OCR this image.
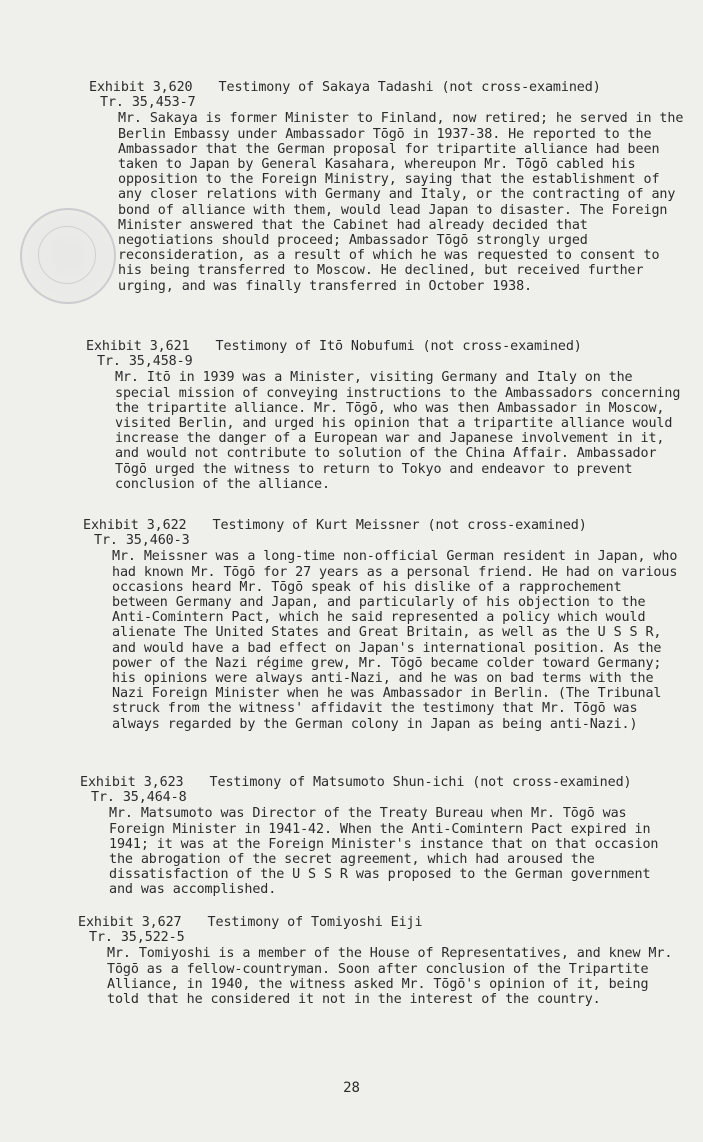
Exhibit 3,620 Testimony of Sakaya Tadashi (not cross-examined)
Tr. 35,453-7
Mr. Sakaya is former Minister to Finland, now retired; he served in the Berlin Embassy under Ambassador Tōgō in 1937-38. He reported to the Ambassador that the German proposal for tripartite alliance had been taken to Japan by General Kasahara, whereupon Mr. Tōgō cabled his opposition to the Foreign Ministry, saying that the establishment of any closer relations with Germany and Italy, or the contracting of any bond of alliance with them, would lead Japan to disaster. The Foreign Minister answered that the Cabinet had already decided that negotiations should proceed; Ambassador Tōgō strongly urged reconsideration, as a result of which he was requested to consent to his being transferred to Moscow. He declined, but received further urging, and was finally transferred in October 1938.
Exhibit 3,621 Testimony of Itō Nobufumi (not cross-examined)
Tr. 35,458-9
Mr. Itō in 1939 was a Minister, visiting Germany and Italy on the special mission of conveying instructions to the Ambassadors concerning the tripartite alliance. Mr. Tōgō, who was then Ambassador in Moscow, visited Berlin, and urged his opinion that a tripartite alliance would increase the danger of a European war and Japanese involvement in it, and would not contribute to solution of the China Affair. Ambassador Tōgō urged the witness to return to Tokyo and endeavor to prevent conclusion of the alliance.
Exhibit 3,622 Testimony of Kurt Meissner (not cross-examined)
Tr. 35,460-3
Mr. Meissner was a long-time non-official German resident in Japan, who had known Mr. Tōgō for 27 years as a personal friend. He had on various occasions heard Mr. Tōgō speak of his dislike of a rapprochement between Germany and Japan, and particularly of his objection to the Anti-Comintern Pact, which he said represented a policy which would alienate The United States and Great Britain, as well as the U S S R, and would have a bad effect on Japan's international position. As the power of the Nazi régime grew, Mr. Tōgō became colder toward Germany; his opinions were always anti-Nazi, and he was on bad terms with the Nazi Foreign Minister when he was Ambassador in Berlin. (The Tribunal struck from the witness' affidavit the testimony that Mr. Tōgō was always regarded by the German colony in Japan as being anti-Nazi.)
Exhibit 3,623 Testimony of Matsumoto Shun-ichi (not cross-examined)
Tr. 35,464-8
Mr. Matsumoto was Director of the Treaty Bureau when Mr. Tōgō was Foreign Minister in 1941-42. When the Anti-Comintern Pact expired in 1941; it was at the Foreign Minister's instance that on that occasion the abrogation of the secret agreement, which had aroused the dissatisfaction of the U S S R was proposed to the German government and was accomplished.
Exhibit 3,627 Testimony of Tomiyoshi Eiji
Tr. 35,522-5
Mr. Tomiyoshi is a member of the House of Representatives, and knew Mr. Tōgō as a fellow-countryman. Soon after conclusion of the Tripartite Alliance, in 1940, the witness asked Mr. Tōgō's opinion of it, being told that he considered it not in the interest of the country.
28
